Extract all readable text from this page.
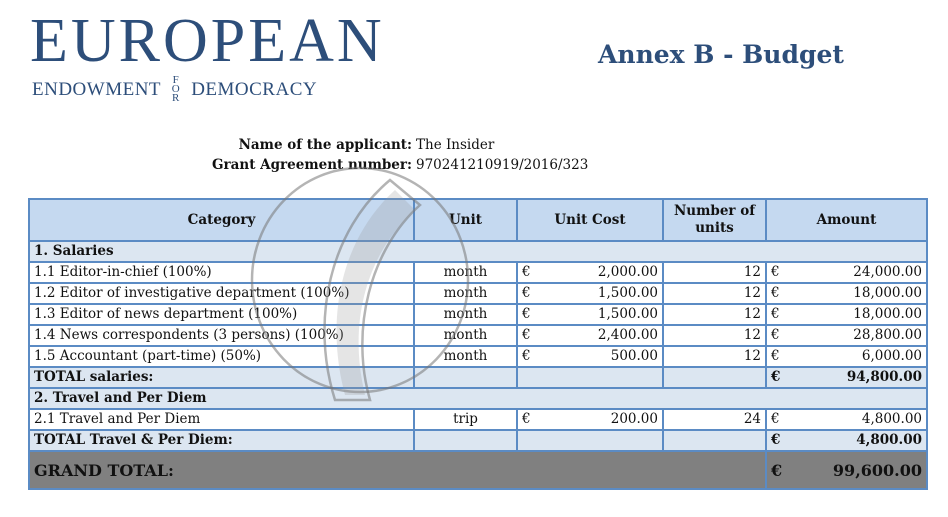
EUROPEAN
ENDOWMENT F
O
R DEMOCRACY
Annex B - Budget
Name of the applicant: The Insider
Grant Agreement number: 970241210919/2016/323
Category	Unit	Unit Cost	Number of units	Amount
1. Salaries				
1.1 Editor-in-chief (100%)	month	€ 2,000.00	12	€ 24,000.00

1.2 Editor of investigative department (100%)	month	€ 1,500.00	12	€ 18,000.00

1.3 Editor of news department (100%)	month	€ 1,500.00	12	€ 18,000.00

1.4 News correspondents (3 persons) (100%)	month	€ 2,400.00	12	€ 28,800.00

1.5 Accountant (part-time) (50%)	month	€ 500.00	12	€ 6,000.00

TOTAL salaries:				€ 94,800.00

2. Travel and Per Diem				
2.1 Travel and Per Diem	trip	€ 200.00	24	€ 4,800.00

TOTAL Travel & Per Diem:				€ 4,800.00

GRAND TOTAL:				€ 99,600.00
